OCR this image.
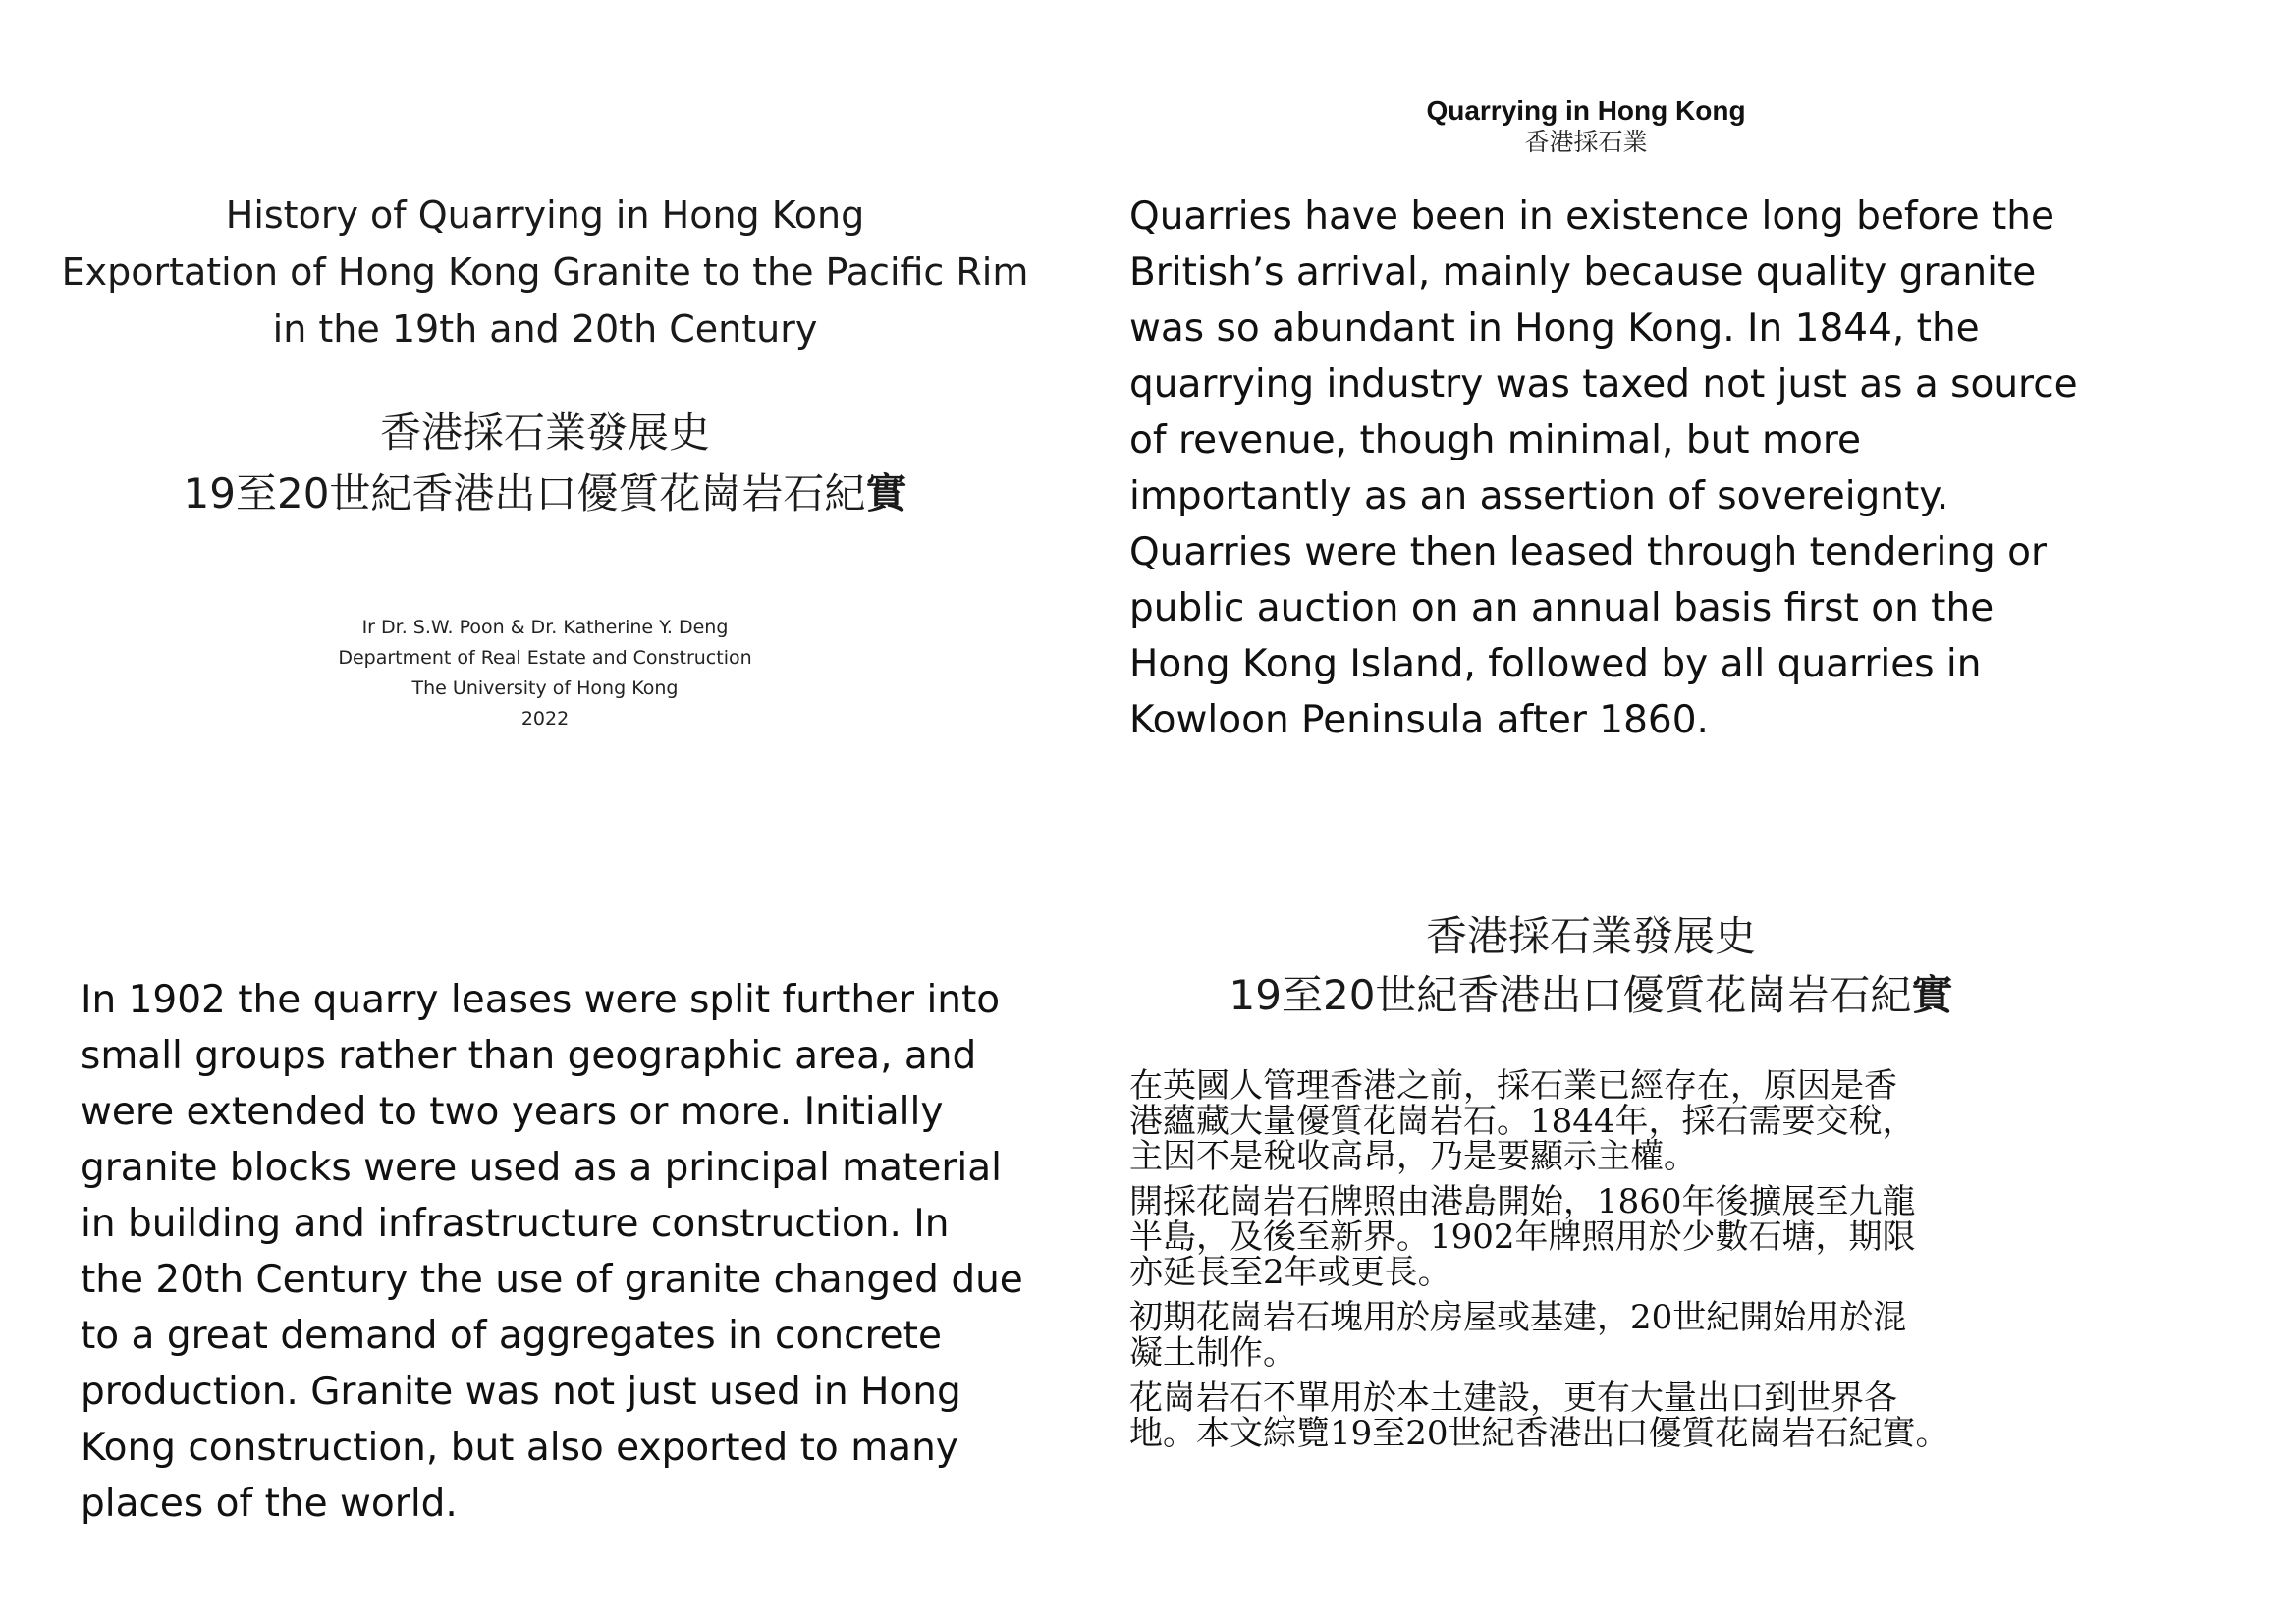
History of Quarrying in Hong Kong
Exportation of Hong Kong Granite to the Pacific Rim
in the 19th and 20th Century
香港採石業發展史
19至20世紀香港出口優質花崗岩石紀實
Ir Dr. S.W. Poon & Dr. Katherine Y. Deng
Department of Real Estate and Construction
The University of Hong Kong
2022
Quarrying in Hong Kong
香港採石業
Quarries have been in existence long before the
British’s arrival, mainly because quality granite
was so abundant in Hong Kong. In 1844, the
quarrying industry was taxed not just as a source
of revenue, though minimal, but more
importantly as an assertion of sovereignty.
Quarries were then leased through tendering or
public auction on an annual basis first on the
Hong Kong Island, followed by all quarries in
Kowloon Peninsula after 1860.
In 1902 the quarry leases were split further into
small groups rather than geographic area, and
were extended to two years or more. Initially
granite blocks were used as a principal material
in building and infrastructure construction. In
the 20th Century the use of granite changed due
to a great demand of aggregates in concrete
production. Granite was not just used in Hong
Kong construction, but also exported to many
places of the world.
香港採石業發展史
19至20世紀香港出口優質花崗岩石紀實

在英國人管理香港之前，採石業已經存在，原因是香
港蘊藏大量優質花崗岩石。1844年，採石需要交稅，
主因不是稅收高昂，乃是要顯示主權。

開採花崗岩石牌照由港島開始，1860年後擴展至九龍
半島，及後至新界。1902年牌照用於少數石塘，期限
亦延長至2年或更長。

初期花崗岩石塊用於房屋或基建，20世紀開始用於混
凝土制作。

花崗岩石不單用於本土建設，更有大量出口到世界各
地。本文綜覽19至20世紀香港出口優質花崗岩石紀實。
